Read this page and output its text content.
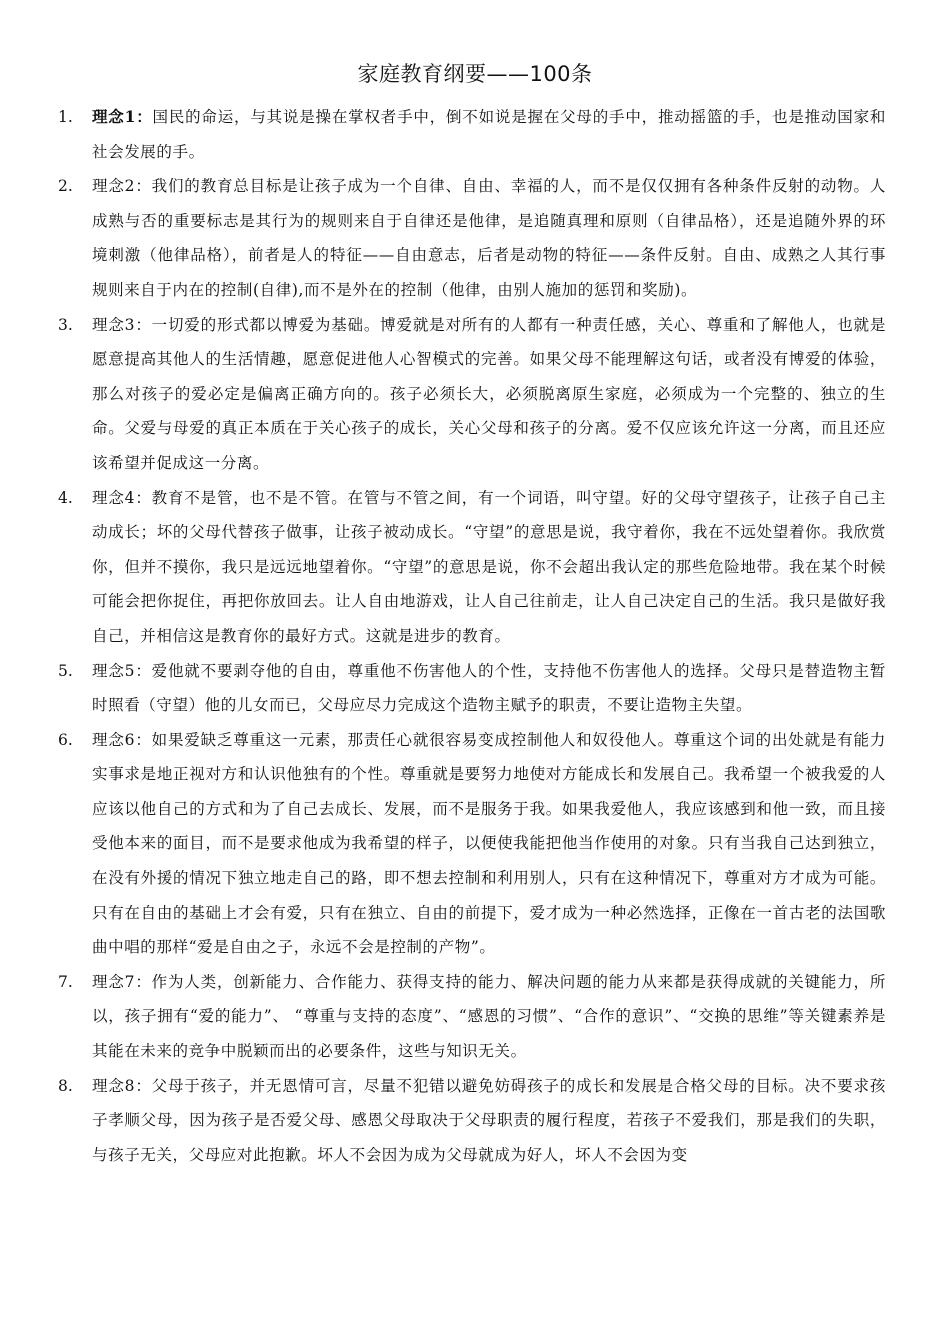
家庭教育纲要——100条
1. 理念1：国民的命运，与其说是操在掌权者手中，倒不如说是握在父母的手中，推动摇篮的手，也是推动国家和社会发展的手。
2. 理念2：我们的教育总目标是让孩子成为一个自律、自由、幸福的人，而不是仅仅拥有各种条件反射的动物。人成熟与否的重要标志是其行为的规则来自于自律还是他律，是追随真理和原则（自律品格），还是追随外界的环境刺激（他律品格），前者是人的特征——自由意志，后者是动物的特征——条件反射。自由、成熟之人其行事规则来自于内在的控制(自律),而不是外在的控制（他律，由别人施加的惩罚和奖励)。
3. 理念3：一切爱的形式都以博爱为基础。博爱就是对所有的人都有一种责任感，关心、尊重和了解他人，也就是愿意提高其他人的生活情趣，愿意促进他人心智模式的完善。如果父母不能理解这句话，或者没有博爱的体验，那么对孩子的爱必定是偏离正确方向的。孩子必须长大，必须脱离原生家庭，必须成为一个完整的、独立的生命。父爱与母爱的真正本质在于关心孩子的成长，关心父母和孩子的分离。爱不仅应该允许这一分离，而且还应该希望并促成这一分离。
4. 理念4：教育不是管，也不是不管。在管与不管之间，有一个词语，叫守望。好的父母守望孩子，让孩子自己主动成长；坏的父母代替孩子做事，让孩子被动成长。“守望”的意思是说，我守着你，我在不远处望着你。我欣赏你，但并不摸你，我只是远远地望着你。“守望”的意思是说，你不会超出我认定的那些危险地带。我在某个时候可能会把你捉住，再把你放回去。让人自由地游戏，让人自己往前走，让人自己决定自己的生活。我只是做好我自己，并相信这是教育你的最好方式。这就是进步的教育。
5. 理念5：爱他就不要剥夺他的自由，尊重他不伤害他人的个性，支持他不伤害他人的选择。父母只是替造物主暂时照看（守望）他的儿女而已，父母应尽力完成这个造物主赋予的职责，不要让造物主失望。
6. 理念6：如果爱缺乏尊重这一元素，那责任心就很容易变成控制他人和奴役他人。尊重这个词的出处就是有能力实事求是地正视对方和认识他独有的个性。尊重就是要努力地使对方能成长和发展自己。我希望一个被我爱的人应该以他自己的方式和为了自己去成长、发展，而不是服务于我。如果我爱他人，我应该感到和他一致，而且接受他本来的面目，而不是要求他成为我希望的样子，以便使我能把他当作使用的对象。只有当我自己达到独立，在没有外援的情况下独立地走自己的路，即不想去控制和利用别人，只有在这种情况下，尊重对方才成为可能。只有在自由的基础上才会有爱，只有在独立、自由的前提下，爱才成为一种必然选择，正像在一首古老的法国歌曲中唱的那样“爱是自由之子，永远不会是控制的产物”。
7. 理念7：作为人类，创新能力、合作能力、获得支持的能力、解决问题的能力从来都是获得成就的关键能力，所以，孩子拥有“爱的能力”、 “尊重与支持的态度”、“感恩的习惯”、“合作的意识”、“交换的思维”等关键素养是其能在未来的竞争中脱颖而出的必要条件，这些与知识无关。
8. 理念8：父母于孩子，并无恩情可言，尽量不犯错以避免妨碍孩子的成长和发展是合格父母的目标。决不要求孩子孝顺父母，因为孩子是否爱父母、感恩父母取决于父母职责的履行程度，若孩子不爱我们，那是我们的失职，与孩子无关，父母应对此抱歉。坏人不会因为成为父母就成为好人，坏人不会因为变
